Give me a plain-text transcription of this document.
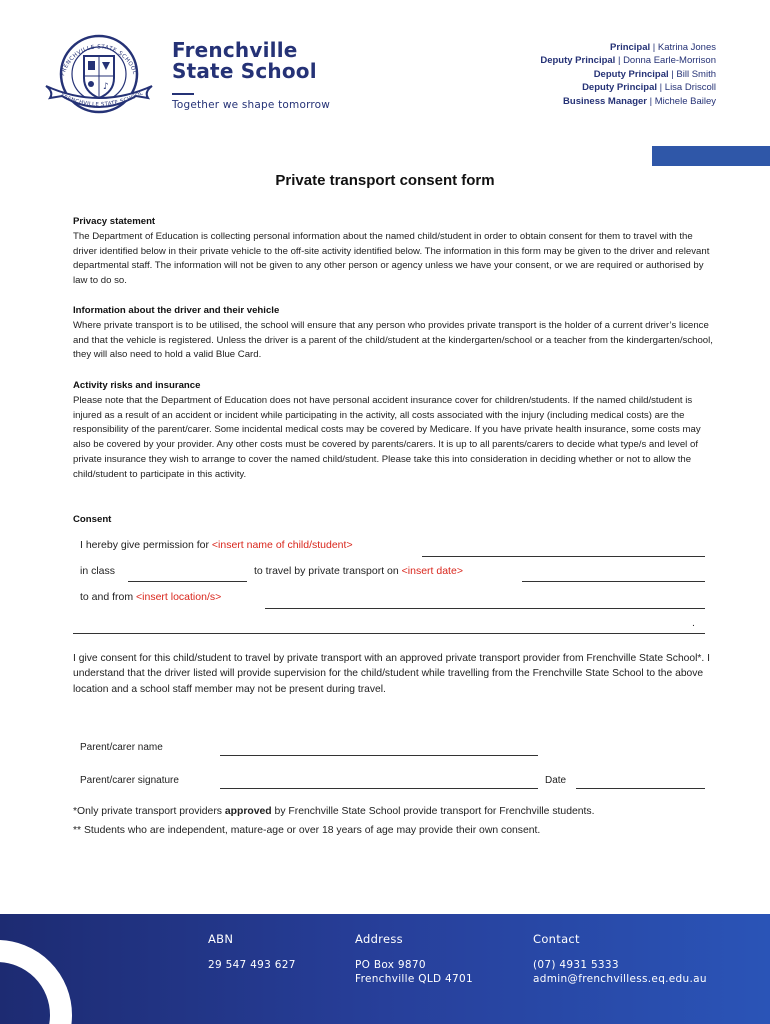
FRENCHVILLE STATE SCHOOL
♪
FRENCHVILLE STATE SCHOOL
Frenchville
State School
Together we shape tomorrow
Principal | Katrina Jones
Deputy Principal | Donna Earle-Morrison
Deputy Principal | Bill Smith
Deputy Principal | Lisa Driscoll
Business Manager | Michele Bailey
Private transport consent form
Privacy statement

The Department of Education is collecting personal information about the named child/student in order to obtain consent for them to travel with the driver identified below in their private vehicle to the off-site activity identified below. The information in this form may be given to the driver and relevant departmental staff. The information will not be given to any other person or agency unless we have your consent, or we are required or authorised by law to do so.

Information about the driver and their vehicle

Where private transport is to be utilised, the school will ensure that any person who provides private transport is the holder of a current driver’s licence and that the vehicle is registered. Unless the driver is a parent of the child/student at the kindergarten/school or a teacher from the kindergarten/school, they will also need to hold a valid Blue Card.

Activity risks and insurance

Please note that the Department of Education does not have personal accident insurance cover for children/students. If the named child/student is injured as a result of an accident or incident while participating in the activity, all costs associated with the injury (including medical costs) are the responsibility of the parent/carer. Some incidental medical costs may be covered by Medicare. If you have private health insurance, some costs may also be covered by your provider. Any other costs must be covered by parents/carers. It is up to all parents/carers to decide what type/s and level of private insurance they wish to arrange to cover the named child/student. Please take this into consideration in deciding whether or not to allow the child/student to participate in this activity.

Consent
I hereby give permission for <insert name of child/student>
in class	to travel by private transport on <insert date>
to and from <insert location/s>
.

I give consent for this child/student to travel by private transport with an approved private transport provider from Frenchville State School*. I understand that the driver listed will provide supervision for the child/student while travelling from the Frenchville State School to the above location and a school staff member may not be present during travel.

Parent/carer name
Parent/carer signature	Date
*Only private transport providers approved by Frenchville State School provide transport for Frenchville students.
** Students who are independent, mature-age or over 18 years of age may provide their own consent.
ABN
29 547 493 627
Address
PO Box 9870
Frenchville QLD 4701
Contact
(07) 4931 5333
admin@frenchvilless.eq.edu.au
